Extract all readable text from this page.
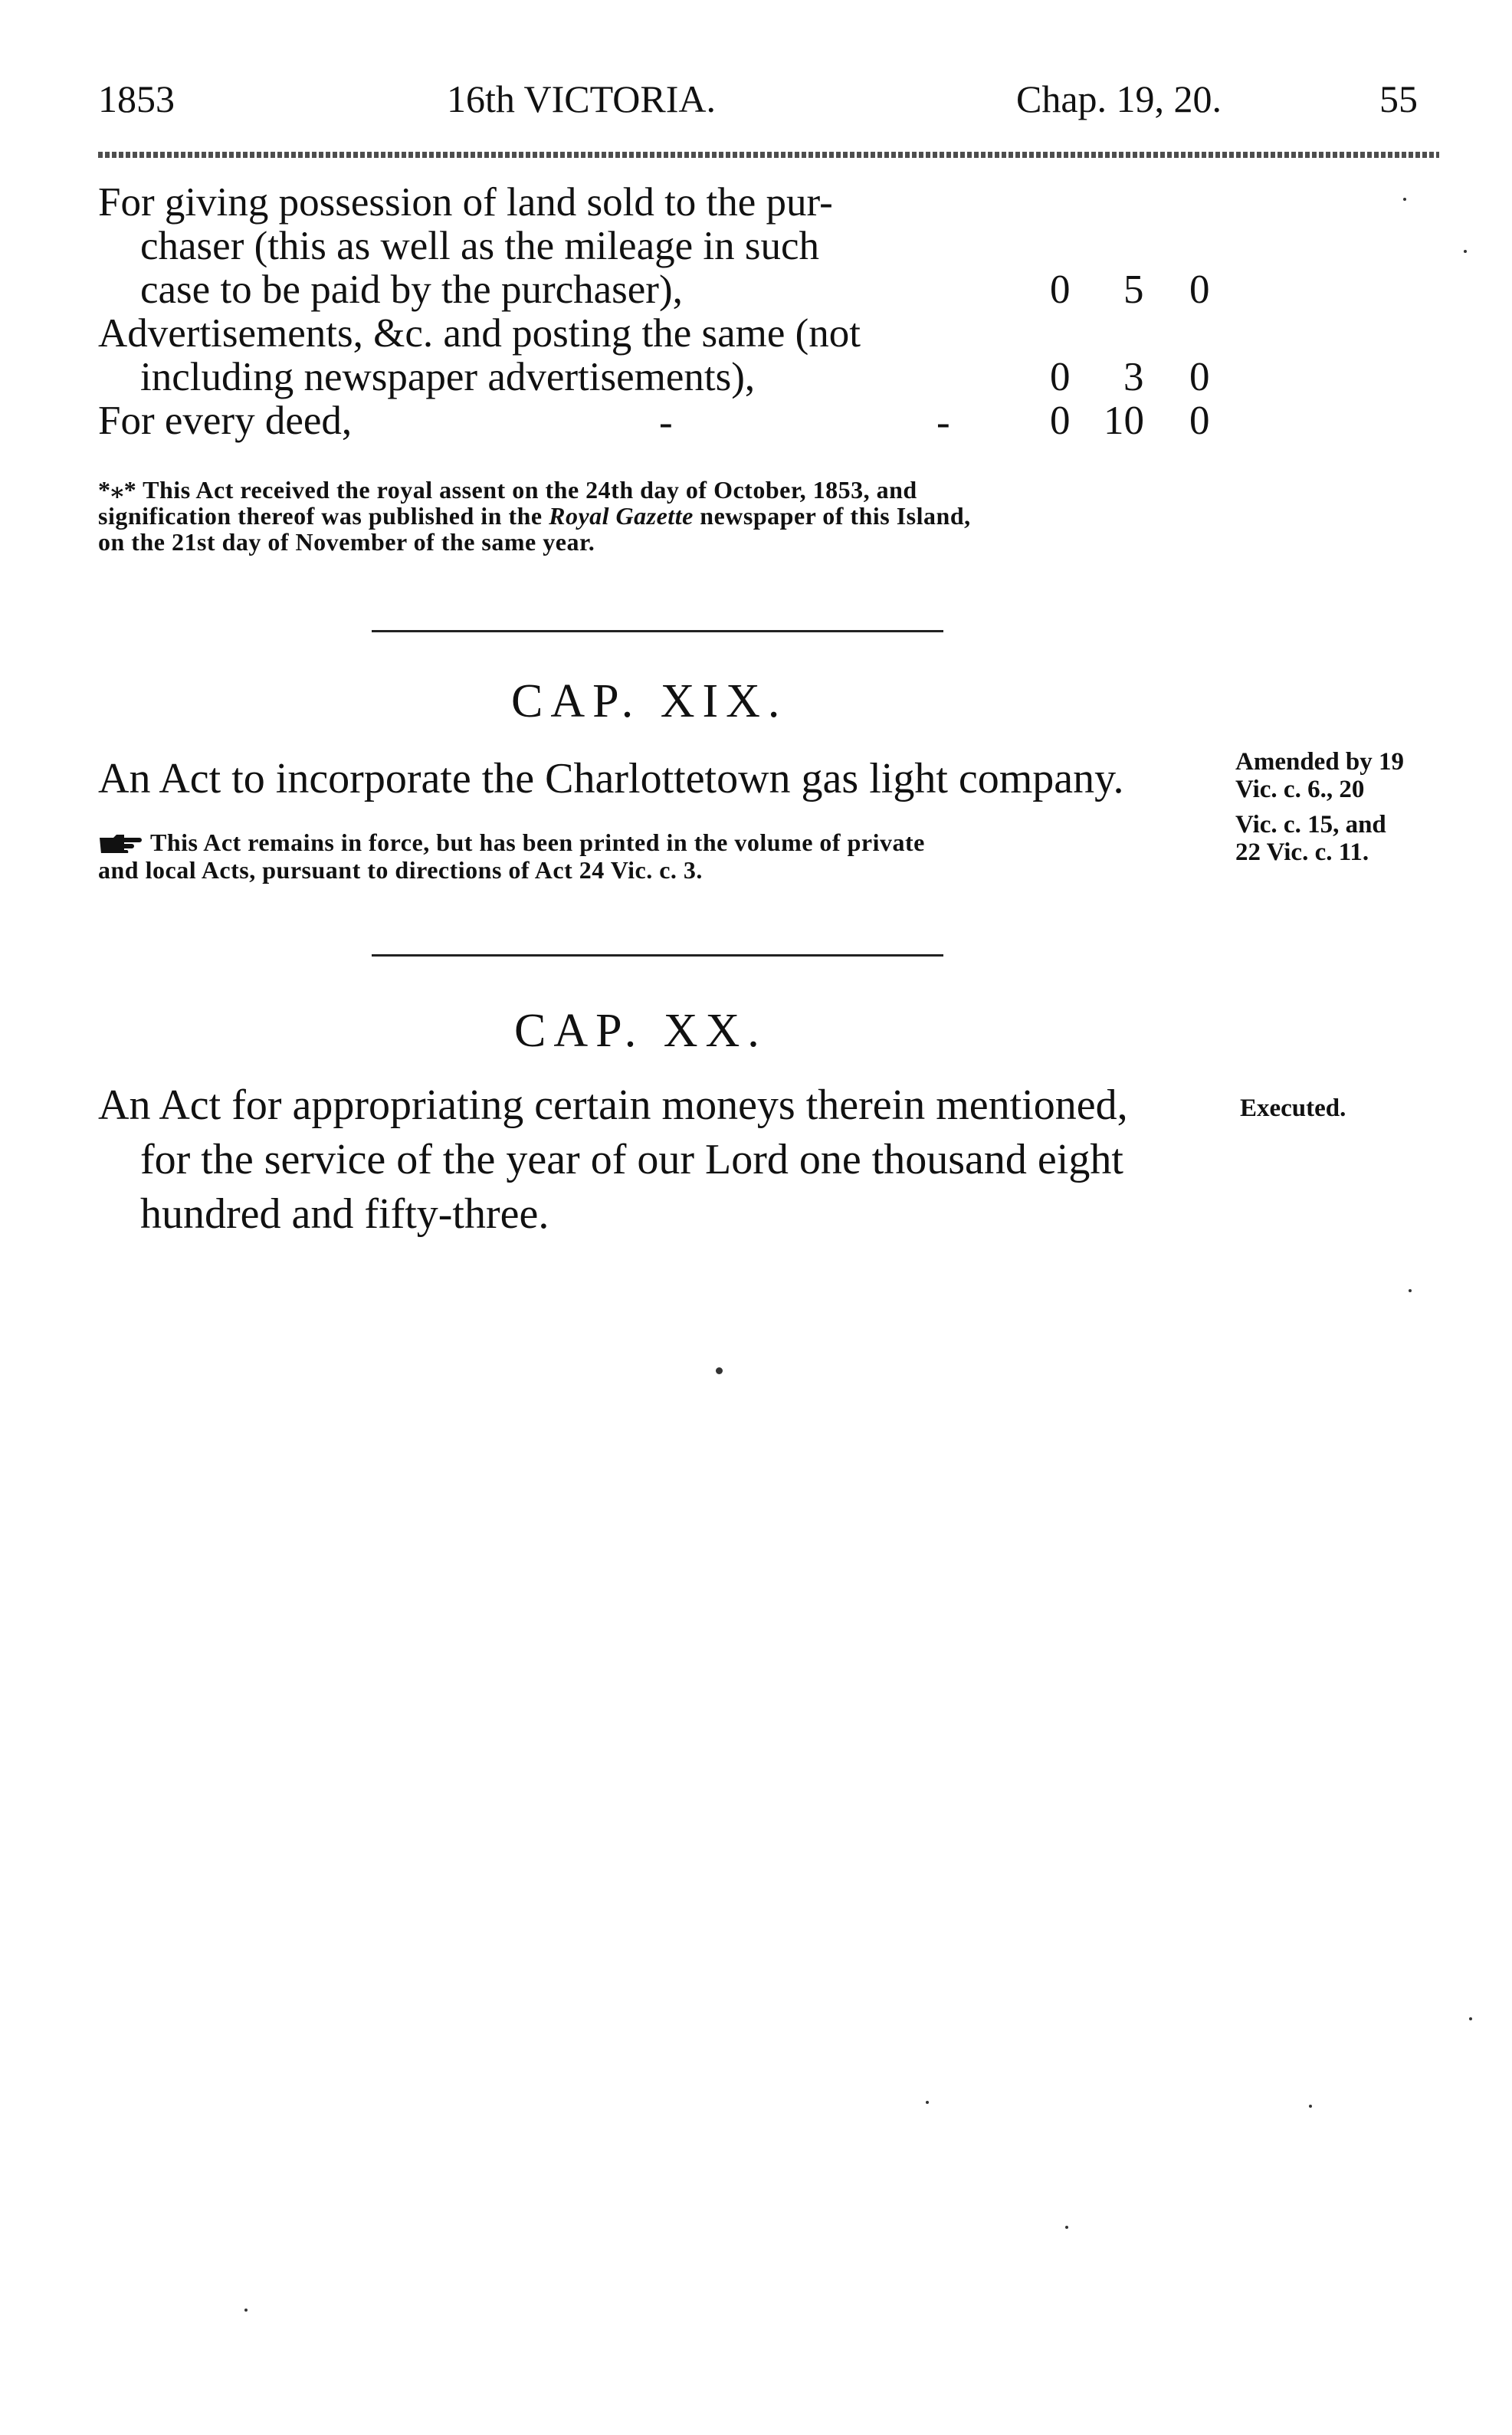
1853	16th VICTORIA.	Chap. 19, 20.	55
For giving possession of land sold to the pur-
chaser (this as well as the mileage in such
case to be paid by the purchaser),	0 5 0
Advertisements, &c. and posting the same (not
including newspaper advertisements),	0 3 0
For every deed,	-	- 0 10 0
*⁎* This Act received the royal assent on the 24th day of October, 1853, and
signification thereof was published in the Royal Gazette newspaper of this Island,
on the 21st day of November of the same year.
CAP. XIX.
An Act to incorporate the Charlottetown gas light company.
This Act remains in force, but has been printed in the volume of private
and local Acts, pursuant to directions of Act 24 Vic. c. 3.
Amended by 19
Vic. c. 6., 20
Vic. c. 15, and
22 Vic. c. 11.
CAP. XX.
An Act for appropriating certain moneys therein mentioned,
for the service of the year of our Lord one thousand eight
hundred and fifty-three.
Executed.
